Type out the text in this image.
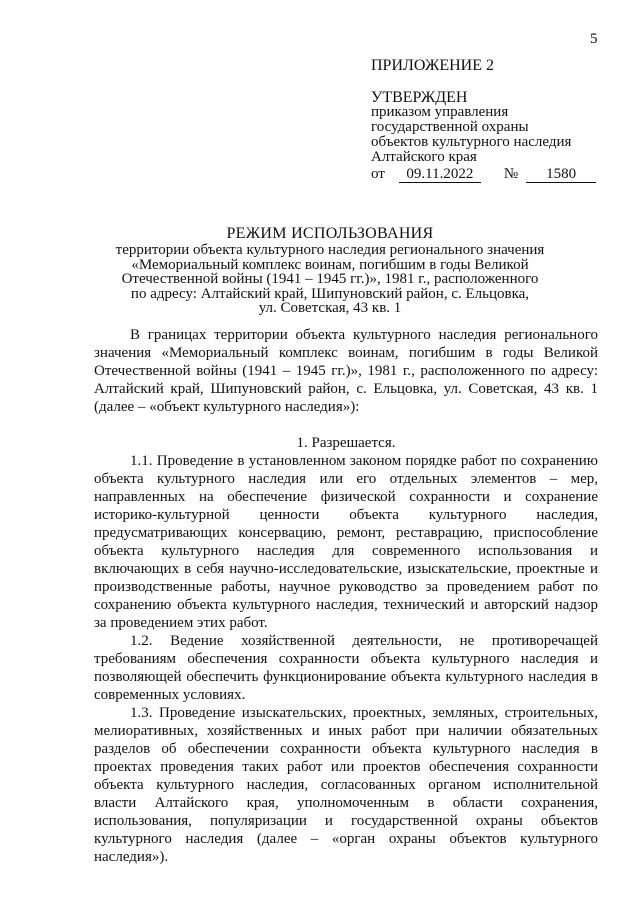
5
ПРИЛОЖЕНИЕ 2
УТВЕРЖДЕН
приказом управления
государственной охраны
объектов культурного наследия
Алтайского края
от	09.11.2022	№	1580
РЕЖИМ ИСПОЛЬЗОВАНИЯ
территории объекта культурного наследия регионального значения
«Мемориальный комплекс воинам, погибшим в годы Великой
Отечественной войны (1941 – 1945 гг.)», 1981 г., расположенного
по адресу: Алтайский край, Шипуновский район, с. Ельцовка,
ул. Советская, 43 кв. 1

В границах территории объекта культурного наследия регионального значения «Мемориальный комплекс воинам, погибшим в годы Великой Отечественной войны (1941 – 1945 гг.)», 1981 г., расположенного по адресу: Алтайский край, Шипуновский район, с. Ельцовка, ул. Советская, 43 кв. 1 (далее – «объект культурного наследия»):

1. Разрешается.

1.1. Проведение в установленном законом порядке работ по сохранению объекта культурного наследия или его отдельных элементов – мер, направленных на обеспечение физической сохранности и сохранение историко-культурной ценности объекта культурного наследия, предусматривающих консервацию, ремонт, реставрацию, приспособление объекта культурного наследия для современного использования и включающих в себя научно-исследовательские, изыскательские, проектные и производственные работы, научное руководство за проведением работ по сохранению объекта культурного наследия, технический и авторский надзор за проведением этих работ.

1.2. Ведение хозяйственной деятельности, не противоречащей требованиям обеспечения сохранности объекта культурного наследия и позволяющей обеспечить функционирование объекта культурного наследия в современных условиях.

1.3. Проведение изыскательских, проектных, земляных, строительных, мелиоративных, хозяйственных и иных работ при наличии обязательных разделов об обеспечении сохранности объекта культурного наследия в проектах проведения таких работ или проектов обеспечения сохранности объекта культурного наследия, согласованных органом исполнительной власти Алтайского края, уполномоченным в области сохранения, использования, популяризации и государственной охраны объектов культурного наследия (далее – «орган охраны объектов культурного наследия»).
